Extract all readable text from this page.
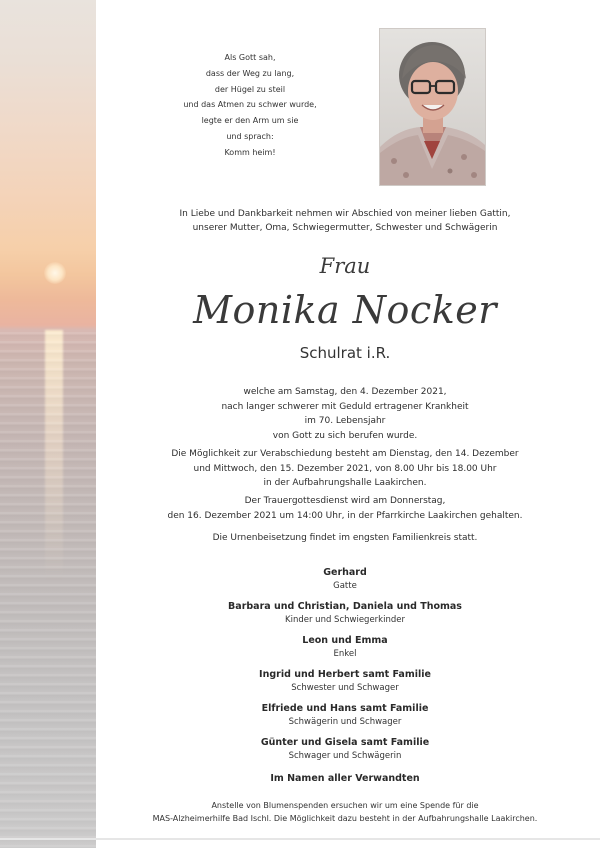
Als Gott sah,
dass der Weg zu lang,
der Hügel zu steil
und das Atmen zu schwer wurde,
legte er den Arm um sie
und sprach:
Komm heim!
In Liebe und Dankbarkeit nehmen wir Abschied von meiner lieben Gattin,
unserer Mutter, Oma, Schwiegermutter, Schwester und Schwägerin
Frau
Monika Nocker
Schulrat i.R.
welche am Samstag, den 4. Dezember 2021,
nach langer schwerer mit Geduld ertragener Krankheit
im 70. Lebensjahr
von Gott zu sich berufen wurde.
Die Möglichkeit zur Verabschiedung besteht am Dienstag, den 14. Dezember
und Mittwoch, den 15. Dezember 2021, von 8.00 Uhr bis 18.00 Uhr
in der Aufbahrungshalle Laakirchen.
Der Trauergottesdienst wird am Donnerstag,
den 16. Dezember 2021 um 14:00 Uhr, in der Pfarrkirche Laakirchen gehalten.
Die Urnenbeisetzung findet im engsten Familienkreis statt.
Gerhard
Gatte
Barbara und Christian, Daniela und Thomas
Kinder und Schwiegerkinder
Leon und Emma
Enkel
Ingrid und Herbert samt Familie
Schwester und Schwager
Elfriede und Hans samt Familie
Schwägerin und Schwager
Günter und Gisela samt Familie
Schwager und Schwägerin
Im Namen aller Verwandten
Anstelle von Blumenspenden ersuchen wir um eine Spende für die
MAS-Alzheimerhilfe Bad Ischl. Die Möglichkeit dazu besteht in der Aufbahrungshalle Laakirchen.
